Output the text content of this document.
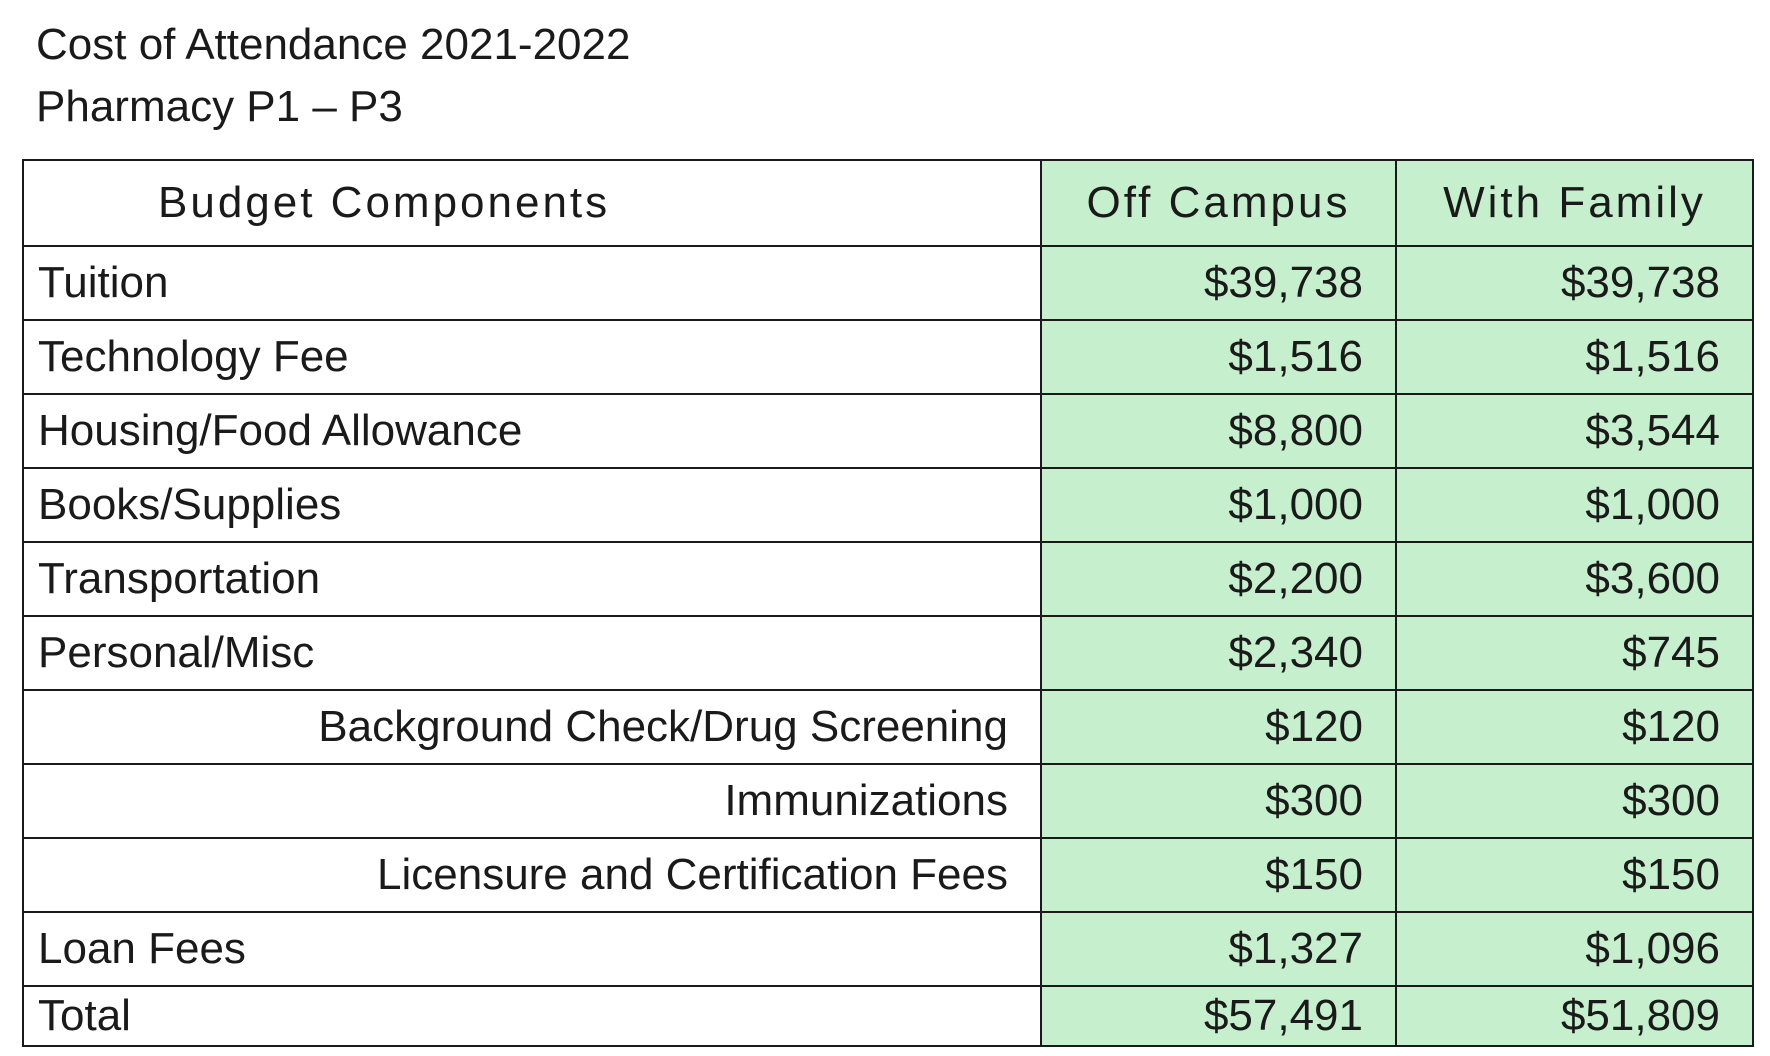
Cost of Attendance 2021-2022
Pharmacy P1 – P3
Budget Components	Off Campus	With Family
Tuition	$39,738	$39,738
Technology Fee	$1,516	$1,516
Housing/Food Allowance	$8,800	$3,544
Books/Supplies	$1,000	$1,000
Transportation	$2,200	$3,600
Personal/Misc	$2,340	$745
Background Check/Drug Screening	$120	$120
Immunizations	$300	$300
Licensure and Certification Fees	$150	$150
Loan Fees	$1,327	$1,096
Total	$57,491	$51,809
